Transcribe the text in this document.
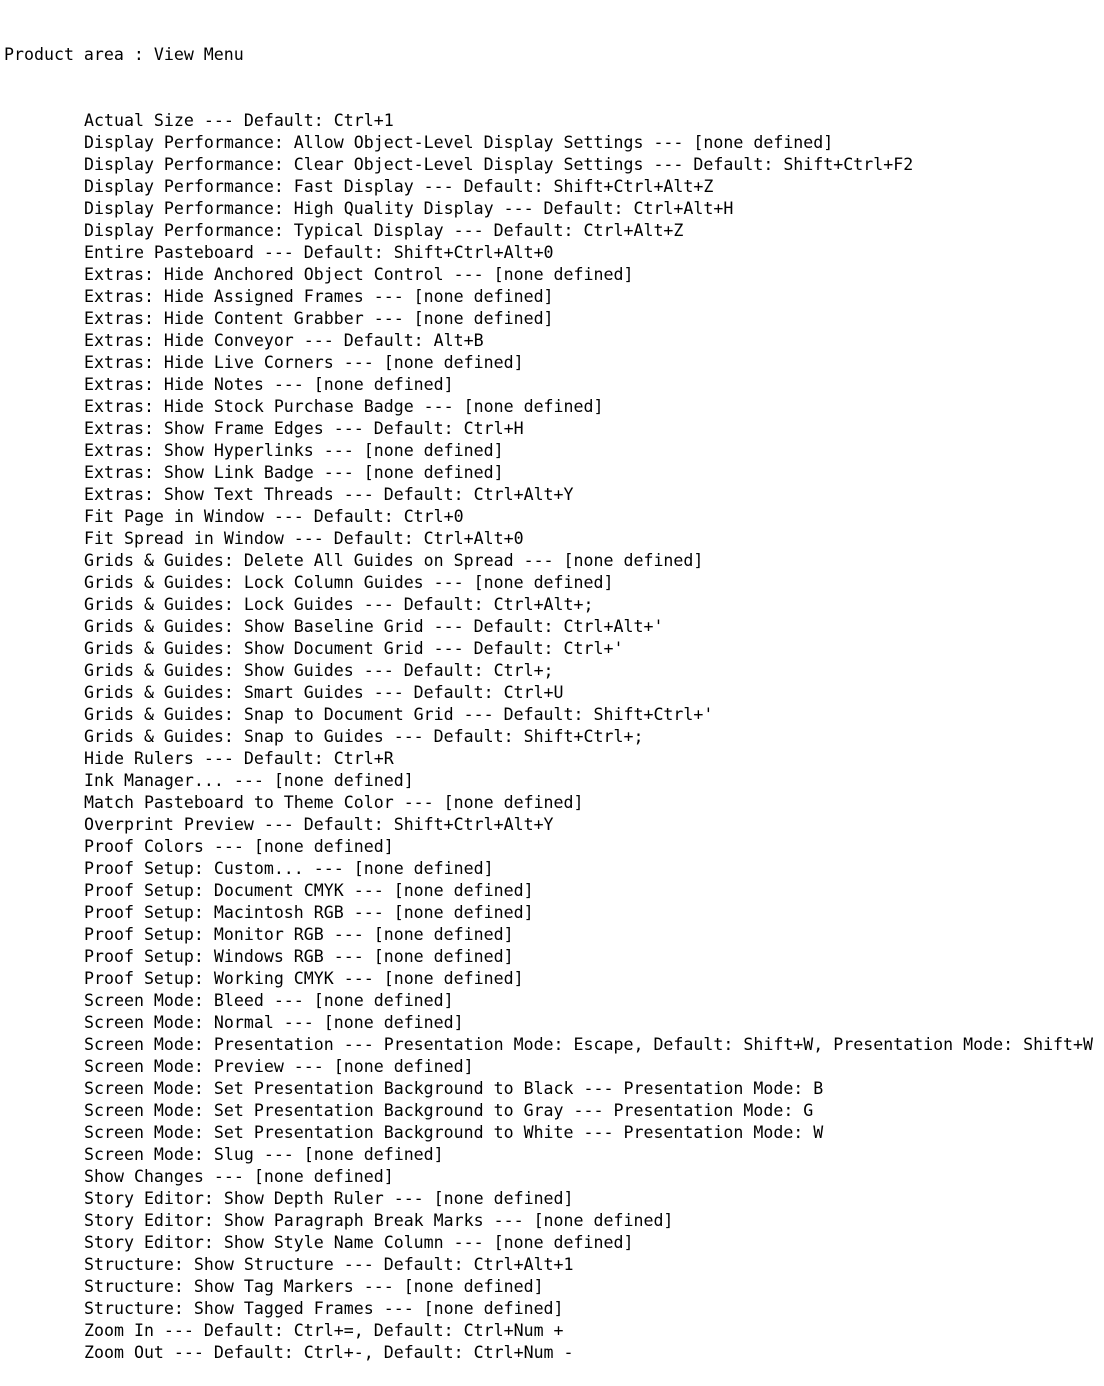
Product area : View Menu

Actual Size --- Default: Ctrl+1
Display Performance: Allow Object-Level Display Settings --- [none defined]
Display Performance: Clear Object-Level Display Settings --- Default: Shift+Ctrl+F2
Display Performance: Fast Display --- Default: Shift+Ctrl+Alt+Z
Display Performance: High Quality Display --- Default: Ctrl+Alt+H
Display Performance: Typical Display --- Default: Ctrl+Alt+Z
Entire Pasteboard --- Default: Shift+Ctrl+Alt+0
Extras: Hide Anchored Object Control --- [none defined]
Extras: Hide Assigned Frames --- [none defined]
Extras: Hide Content Grabber --- [none defined]
Extras: Hide Conveyor --- Default: Alt+B
Extras: Hide Live Corners --- [none defined]
Extras: Hide Notes --- [none defined]
Extras: Hide Stock Purchase Badge --- [none defined]
Extras: Show Frame Edges --- Default: Ctrl+H
Extras: Show Hyperlinks --- [none defined]
Extras: Show Link Badge --- [none defined]
Extras: Show Text Threads --- Default: Ctrl+Alt+Y
Fit Page in Window --- Default: Ctrl+0
Fit Spread in Window --- Default: Ctrl+Alt+0
Grids & Guides: Delete All Guides on Spread --- [none defined]
Grids & Guides: Lock Column Guides --- [none defined]
Grids & Guides: Lock Guides --- Default: Ctrl+Alt+;
Grids & Guides: Show Baseline Grid --- Default: Ctrl+Alt+'
Grids & Guides: Show Document Grid --- Default: Ctrl+'
Grids & Guides: Show Guides --- Default: Ctrl+;
Grids & Guides: Smart Guides --- Default: Ctrl+U
Grids & Guides: Snap to Document Grid --- Default: Shift+Ctrl+'
Grids & Guides: Snap to Guides --- Default: Shift+Ctrl+;
Hide Rulers --- Default: Ctrl+R
Ink Manager... --- [none defined]
Match Pasteboard to Theme Color --- [none defined]
Overprint Preview --- Default: Shift+Ctrl+Alt+Y
Proof Colors --- [none defined]
Proof Setup: Custom... --- [none defined]
Proof Setup: Document CMYK --- [none defined]
Proof Setup: Macintosh RGB --- [none defined]
Proof Setup: Monitor RGB --- [none defined]
Proof Setup: Windows RGB --- [none defined]
Proof Setup: Working CMYK --- [none defined]
Screen Mode: Bleed --- [none defined]
Screen Mode: Normal --- [none defined]
Screen Mode: Presentation --- Presentation Mode: Escape, Default: Shift+W, Presentation Mode: Shift+W
Screen Mode: Preview --- [none defined]
Screen Mode: Set Presentation Background to Black --- Presentation Mode: B
Screen Mode: Set Presentation Background to Gray --- Presentation Mode: G
Screen Mode: Set Presentation Background to White --- Presentation Mode: W
Screen Mode: Slug --- [none defined]
Show Changes --- [none defined]
Story Editor: Show Depth Ruler --- [none defined]
Story Editor: Show Paragraph Break Marks --- [none defined]
Story Editor: Show Style Name Column --- [none defined]
Structure: Show Structure --- Default: Ctrl+Alt+1
Structure: Show Tag Markers --- [none defined]
Structure: Show Tagged Frames --- [none defined]
Zoom In --- Default: Ctrl+=, Default: Ctrl+Num +
Zoom Out --- Default: Ctrl+-, Default: Ctrl+Num -
